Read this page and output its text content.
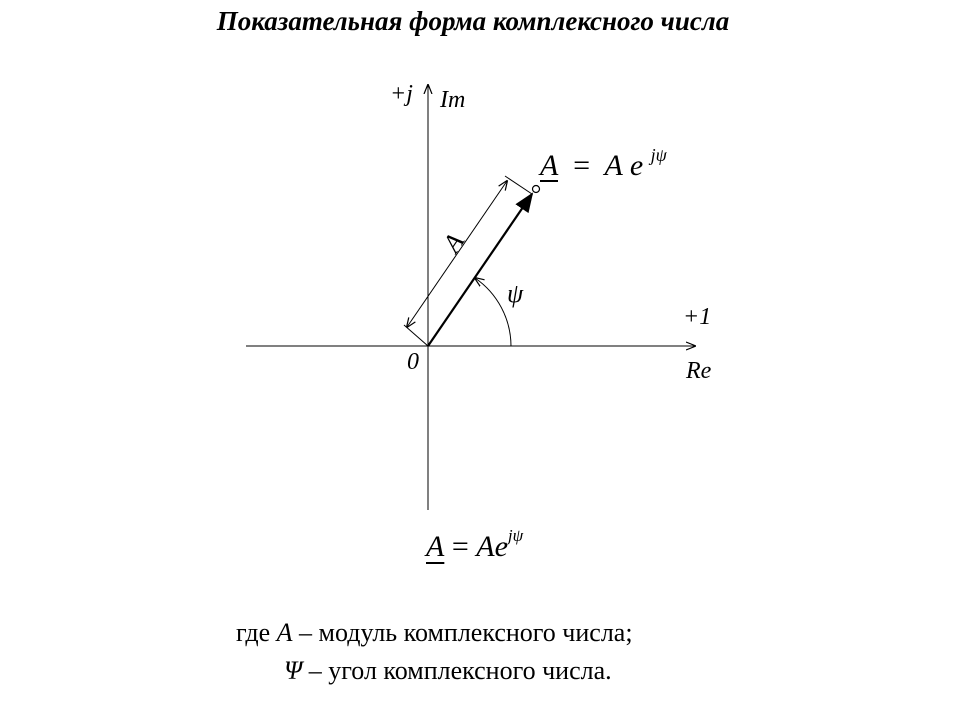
Показательная форма комплексного числа
+j Im
+1
Re
0
A
ψ
A = A e $^{j\psi}$
$A = Ae^{j\psi}$
где A – модуль комплексного числа;
Ψ – угол комплексного числа.
